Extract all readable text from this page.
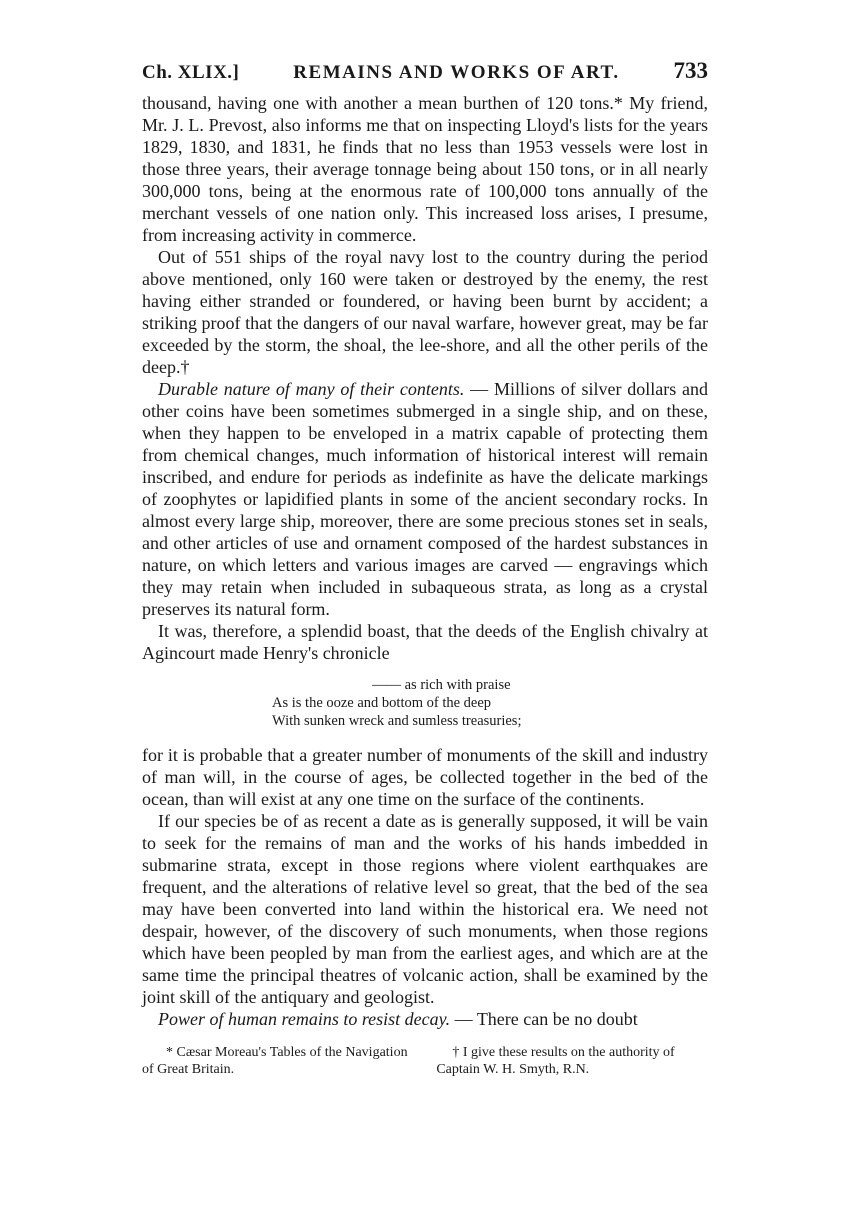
Ch. XLIX.]	REMAINS AND WORKS OF ART. 733

thousand, having one with another a mean burthen of 120 tons.* My friend, Mr. J. L. Prevost, also informs me that on inspecting Lloyd's lists for the years 1829, 1830, and 1831, he finds that no less than 1953 vessels were lost in those three years, their average tonnage being about 150 tons, or in all nearly 300,000 tons, being at the enormous rate of 100,000 tons annually of the merchant vessels of one nation only. This increased loss arises, I presume, from increasing activity in commerce.

Out of 551 ships of the royal navy lost to the country during the period above mentioned, only 160 were taken or destroyed by the enemy, the rest having either stranded or foundered, or having been burnt by accident; a striking proof that the dangers of our naval warfare, however great, may be far exceeded by the storm, the shoal, the lee-shore, and all the other perils of the deep.†

Durable nature of many of their contents. — Millions of silver dollars and other coins have been sometimes submerged in a single ship, and on these, when they happen to be enveloped in a matrix capable of protecting them from chemical changes, much information of historical interest will remain inscribed, and endure for periods as indefinite as have the delicate markings of zoophytes or lapidified plants in some of the ancient secondary rocks. In almost every large ship, moreover, there are some precious stones set in seals, and other articles of use and ornament composed of the hardest substances in nature, on which letters and various images are carved — engravings which they may retain when included in subaqueous strata, as long as a crystal preserves its natural form.

It was, therefore, a splendid boast, that the deeds of the English chivalry at Agincourt made Henry's chronicle

—— as rich with praise
As is the ooze and bottom of the deep
With sunken wreck and sumless treasuries;

for it is probable that a greater number of monuments of the skill and industry of man will, in the course of ages, be collected together in the bed of the ocean, than will exist at any one time on the surface of the continents.

If our species be of as recent a date as is generally supposed, it will be vain to seek for the remains of man and the works of his hands imbedded in submarine strata, except in those regions where violent earthquakes are frequent, and the alterations of relative level so great, that the bed of the sea may have been converted into land within the historical era. We need not despair, however, of the discovery of such monuments, when those regions which have been peopled by man from the earliest ages, and which are at the same time the principal theatres of volcanic action, shall be examined by the joint skill of the antiquary and geologist.

Power of human remains to resist decay. — There can be no doubt

* Cæsar Moreau's Tables of the Navigation of Great Britain.
† I give these results on the authority of Captain W. H. Smyth, R.N.
